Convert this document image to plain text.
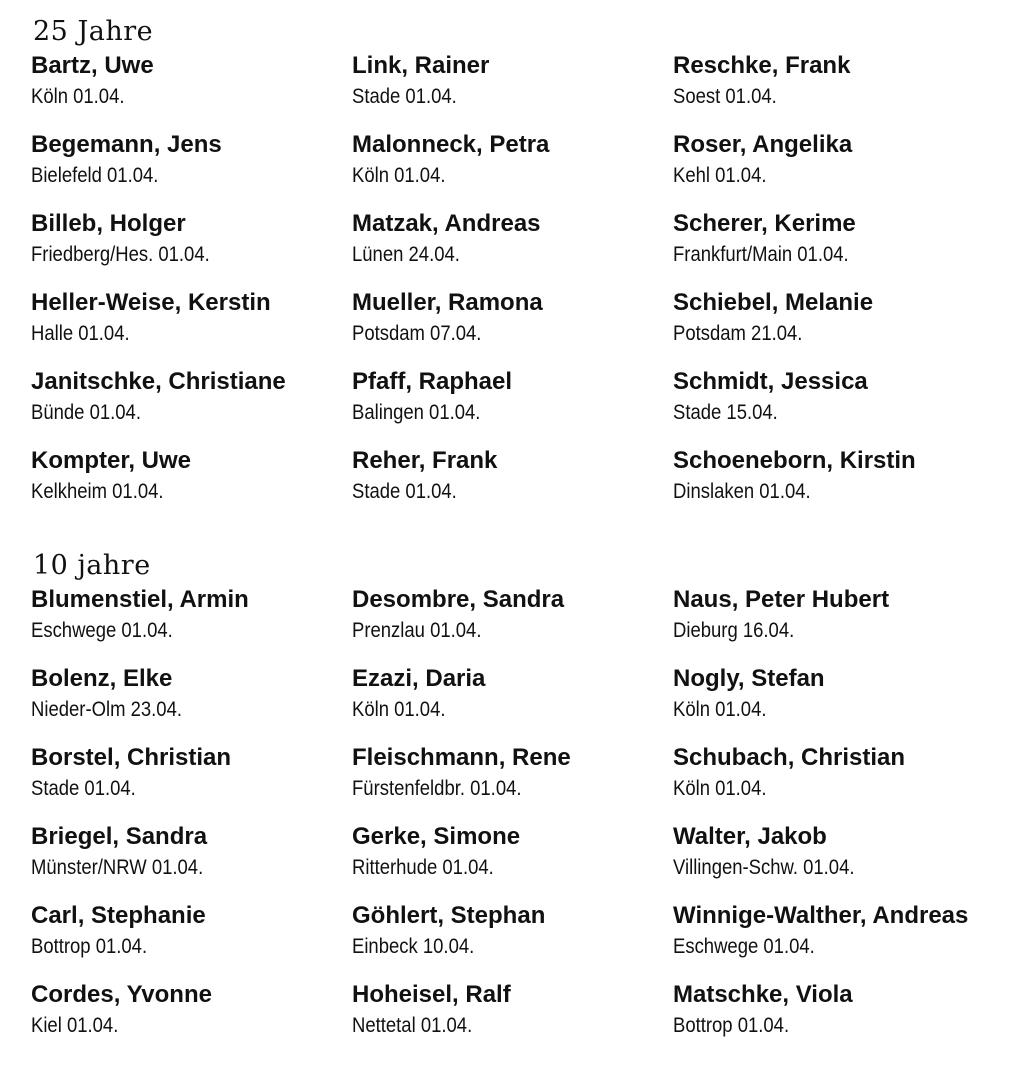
25 Jahre
Bartz, Uwe
Köln 01.04.
Link, Rainer
Stade 01.04.
Reschke, Frank
Soest 01.04.
Begemann, Jens
Bielefeld 01.04.
Malonneck, Petra
Köln 01.04.
Roser, Angelika
Kehl 01.04.
Billeb, Holger
Friedberg/Hes. 01.04.
Matzak, Andreas
Lünen 24.04.
Scherer, Kerime
Frankfurt/Main 01.04.
Heller-Weise, Kerstin
Halle 01.04.
Mueller, Ramona
Potsdam 07.04.
Schiebel, Melanie
Potsdam 21.04.
Janitschke, Christiane
Bünde 01.04.
Pfaff, Raphael
Balingen 01.04.
Schmidt, Jessica
Stade 15.04.
Kompter, Uwe
Kelkheim 01.04.
Reher, Frank
Stade 01.04.
Schoeneborn, Kirstin
Dinslaken 01.04.
10 jahre
Blumenstiel, Armin
Eschwege 01.04.
Desombre, Sandra
Prenzlau 01.04.
Naus, Peter Hubert
Dieburg 16.04.
Bolenz, Elke
Nieder-Olm 23.04.
Ezazi, Daria
Köln 01.04.
Nogly, Stefan
Köln 01.04.
Borstel, Christian
Stade 01.04.
Fleischmann, Rene
Fürstenfeldbr. 01.04.
Schubach, Christian
Köln 01.04.
Briegel, Sandra
Münster/NRW 01.04.
Gerke, Simone
Ritterhude 01.04.
Walter, Jakob
Villingen-Schw. 01.04.
Carl, Stephanie
Bottrop 01.04.
Göhlert, Stephan
Einbeck 10.04.
Winnige-Walther, Andreas
Eschwege 01.04.
Cordes, Yvonne
Kiel 01.04.
Hoheisel, Ralf
Nettetal 01.04.
Matschke, Viola
Bottrop 01.04.
